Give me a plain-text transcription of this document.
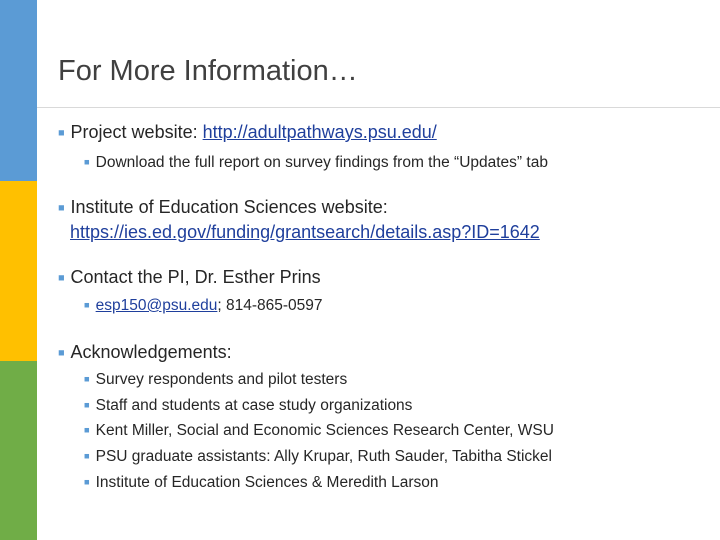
For More Information…
■ Project website: http://adultpathways.psu.edu/
■ Download the full report on survey findings from the “Updates” tab
■ Institute of Education Sciences website:
https://ies.ed.gov/funding/grantsearch/details.asp?ID=1642
■ Contact the PI, Dr. Esther Prins
■ esp150@psu.edu; 814-865-0597
■ Acknowledgements:
■ Survey respondents and pilot testers
■ Staff and students at case study organizations
■ Kent Miller, Social and Economic Sciences Research Center, WSU
■ PSU graduate assistants: Ally Krupar, Ruth Sauder, Tabitha Stickel
■ Institute of Education Sciences & Meredith Larson
